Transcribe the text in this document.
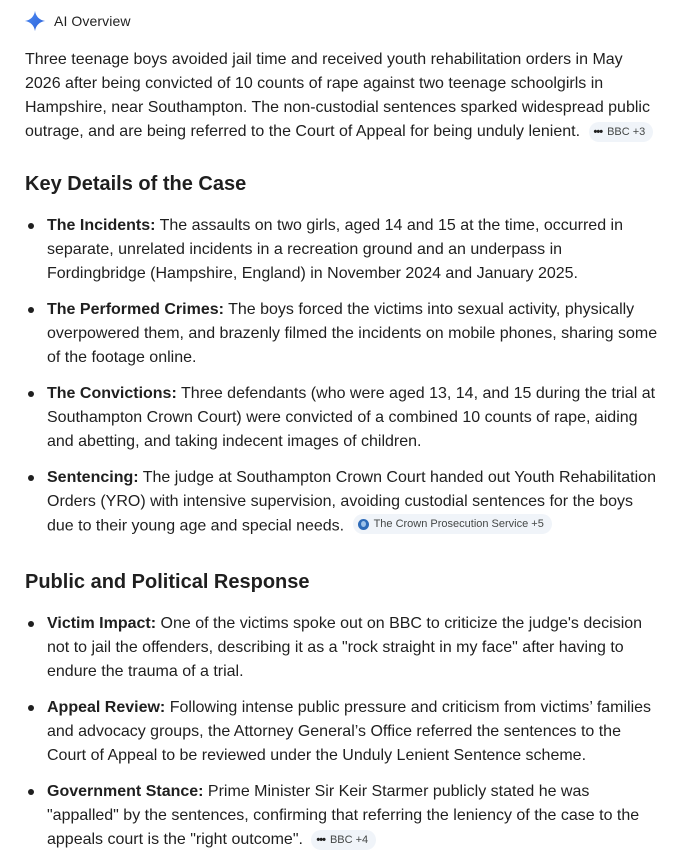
AI Overview

Three teenage boys avoided jail time and received youth rehabilitation orders in May 2026 after being convicted of 10 counts of rape against two teenage schoolgirls in Hampshire, near Southampton. The non-custodial sentences sparked widespread public outrage, and are being referred to the Court of Appeal for being unduly lenient. ••• BBC +3

Key Details of the Case
The Incidents: The assaults on two girls, aged 14 and 15 at the time, occurred in separate, unrelated incidents in a recreation ground and an underpass in Fordingbridge (Hampshire, England) in November 2024 and January 2025.
The Performed Crimes: The boys forced the victims into sexual activity, physically overpowered them, and brazenly filmed the incidents on mobile phones, sharing some of the footage online.
The Convictions: Three defendants (who were aged 13, 14, and 15 during the trial at Southampton Crown Court) were convicted of a combined 10 counts of rape, aiding and abetting, and taking indecent images of children.
Sentencing: The judge at Southampton Crown Court handed out Youth Rehabilitation Orders (YRO) with intensive supervision, avoiding custodial sentences for the boys due to their young age and special needs.	The Crown Prosecution Service +5
Public and Political Response
Victim Impact: One of the victims spoke out on BBC to criticize the judge's decision not to jail the offenders, describing it as a "rock straight in my face" after having to endure the trauma of a trial.
Appeal Review: Following intense public pressure and criticism from victims’ families and advocacy groups, the Attorney General’s Office referred the sentences to the Court of Appeal to be reviewed under the Unduly Lenient Sentence scheme.
Government Stance: Prime Minister Sir Keir Starmer publicly stated he was "appalled" by the sentences, confirming that referring the leniency of the case to the appeals court is the "right outcome". ••• BBC +4
